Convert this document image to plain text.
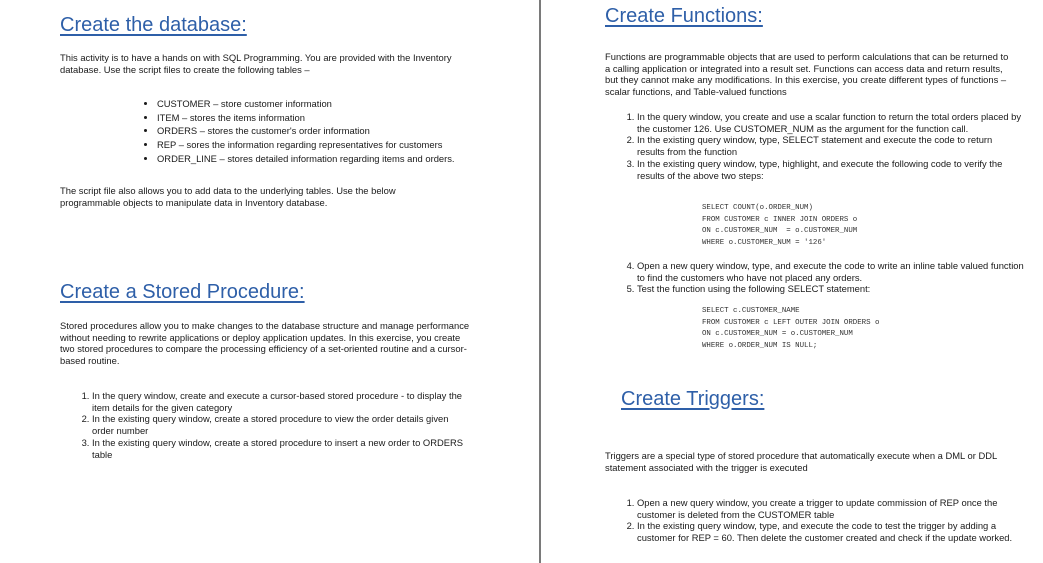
Create the database:

This activity is to have a hands on with SQL Programming. You are provided with the Inventory database. Use the script files to create the following tables –

• CUSTOMER – store customer information
• ITEM – stores the items information
• ORDERS – stores the customer's order information
• REP – sores the information regarding representatives for customers
• ORDER_LINE – stores detailed information regarding items and orders.

The script file also allows you to add data to the underlying tables. Use the below programmable objects to manipulate data in Inventory database.

Create a Stored Procedure:

Stored procedures allow you to make changes to the database structure and manage performance without needing to rewrite applications or deploy application updates. In this exercise, you create two stored procedures to compare the processing efficiency of a set-oriented routine and a cursor-based routine.

1. In the query window, create and execute a cursor-based stored procedure - to display the item details for the given category
2. In the existing query window, create a stored procedure to view the order details given order number
3. In the existing query window, create a stored procedure to insert a new order to ORDERS table
Create Functions:

Functions are programmable objects that are used to perform calculations that can be returned to a calling application or integrated into a result set. Functions can access data and return results, but they cannot make any modifications. In this exercise, you create different types of functions – scalar functions, and Table-valued functions

1. In the query window, you create and use a scalar function to return the total orders placed by the customer 126. Use CUSTOMER_NUM as the argument for the function call.
2. In the existing query window, type, SELECT statement and execute the code to return results from the function
3. In the existing query window, type, highlight, and execute the following code to verify the results of the above two steps:
SELECT COUNT(o.ORDER_NUM)
FROM CUSTOMER c INNER JOIN ORDERS o
ON c.CUSTOMER_NUM  = o.CUSTOMER_NUM
WHERE o.CUSTOMER_NUM = '126'
4. Open a new query window, type, and execute the code to write an inline table valued function to find the customers who have not placed any orders.
5. Test the function using the following SELECT statement:
SELECT c.CUSTOMER_NAME
FROM CUSTOMER c LEFT OUTER JOIN ORDERS o
ON c.CUSTOMER_NUM = o.CUSTOMER_NUM
WHERE o.ORDER_NUM IS NULL;
Create Triggers:

Triggers are a special type of stored procedure that automatically execute when a DML or DDL statement associated with the trigger is executed

1. Open a new query window, you create a trigger to update commission of REP once the customer is deleted from the CUSTOMER table
2. In the existing query window, type, and execute the code to test the trigger by adding a customer for REP = 60. Then delete the customer created and check if the update worked.
